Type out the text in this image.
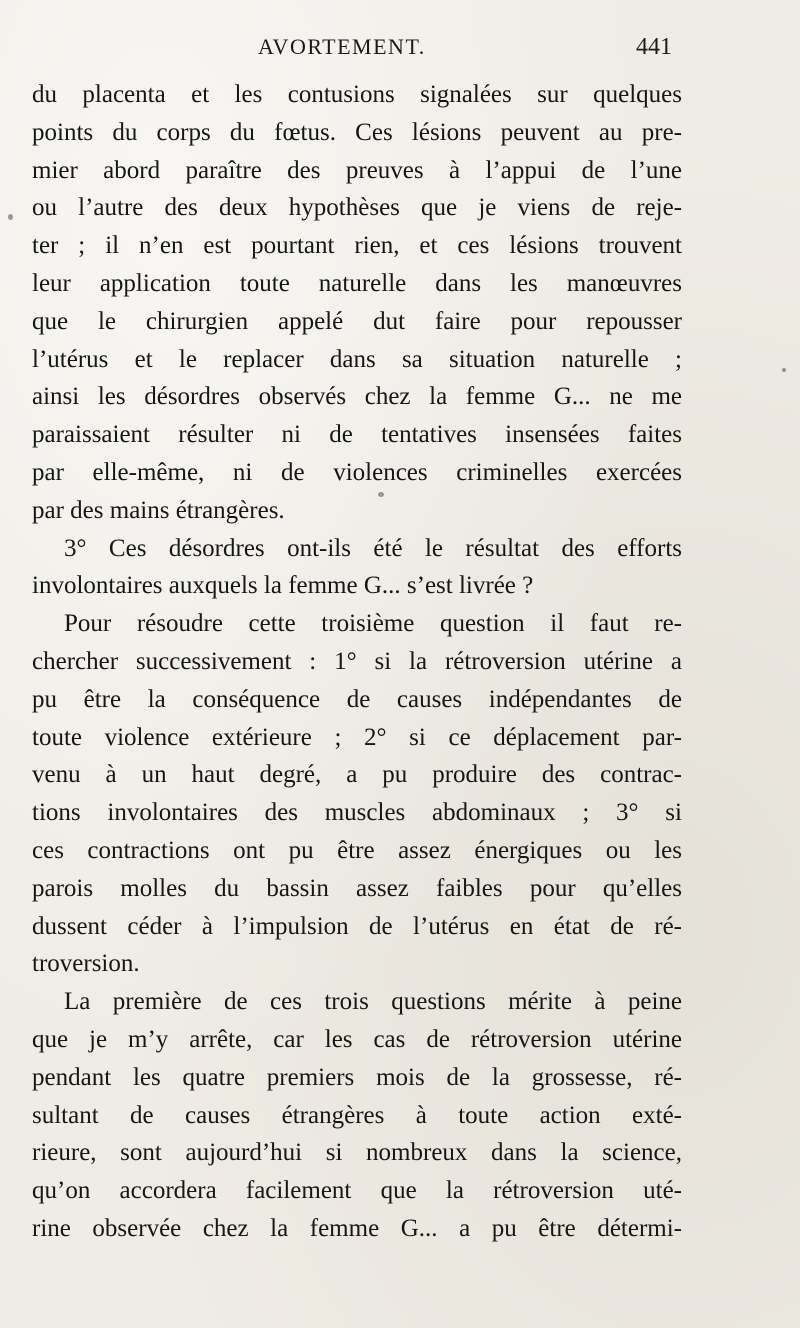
AVORTEMENT.	441
du placenta et les contusions signalées sur quelques
points du corps du fœtus. Ces lésions peuvent au pre-
mier abord paraître des preuves à l’appui de l’une
ou l’autre des deux hypothèses que je viens de reje-
ter ; il n’en est pourtant rien, et ces lésions trouvent
leur application toute naturelle dans les manœuvres
que le chirurgien appelé dut faire pour repousser
l’utérus et le replacer dans sa situation naturelle ;
ainsi les désordres observés chez la femme G... ne me
paraissaient résulter ni de tentatives insensées faites
par elle-même, ni de violences criminelles exercées
par des mains étrangères.
3° Ces désordres ont-ils été le résultat des efforts
involontaires auxquels la femme G... s’est livrée ?
Pour résoudre cette troisième question il faut re-
chercher successivement : 1° si la rétroversion utérine a
pu être la conséquence de causes indépendantes de
toute violence extérieure ; 2° si ce déplacement par-
venu à un haut degré, a pu produire des contrac-
tions involontaires des muscles abdominaux ; 3° si
ces contractions ont pu être assez énergiques ou les
parois molles du bassin assez faibles pour qu’elles
dussent céder à l’impulsion de l’utérus en état de ré-
troversion.
La première de ces trois questions mérite à peine
que je m’y arrête, car les cas de rétroversion utérine
pendant les quatre premiers mois de la grossesse, ré-
sultant de causes étrangères à toute action exté-
rieure, sont aujourd’hui si nombreux dans la science,
qu’on accordera facilement que la rétroversion uté-
rine observée chez la femme G... a pu être détermi-
